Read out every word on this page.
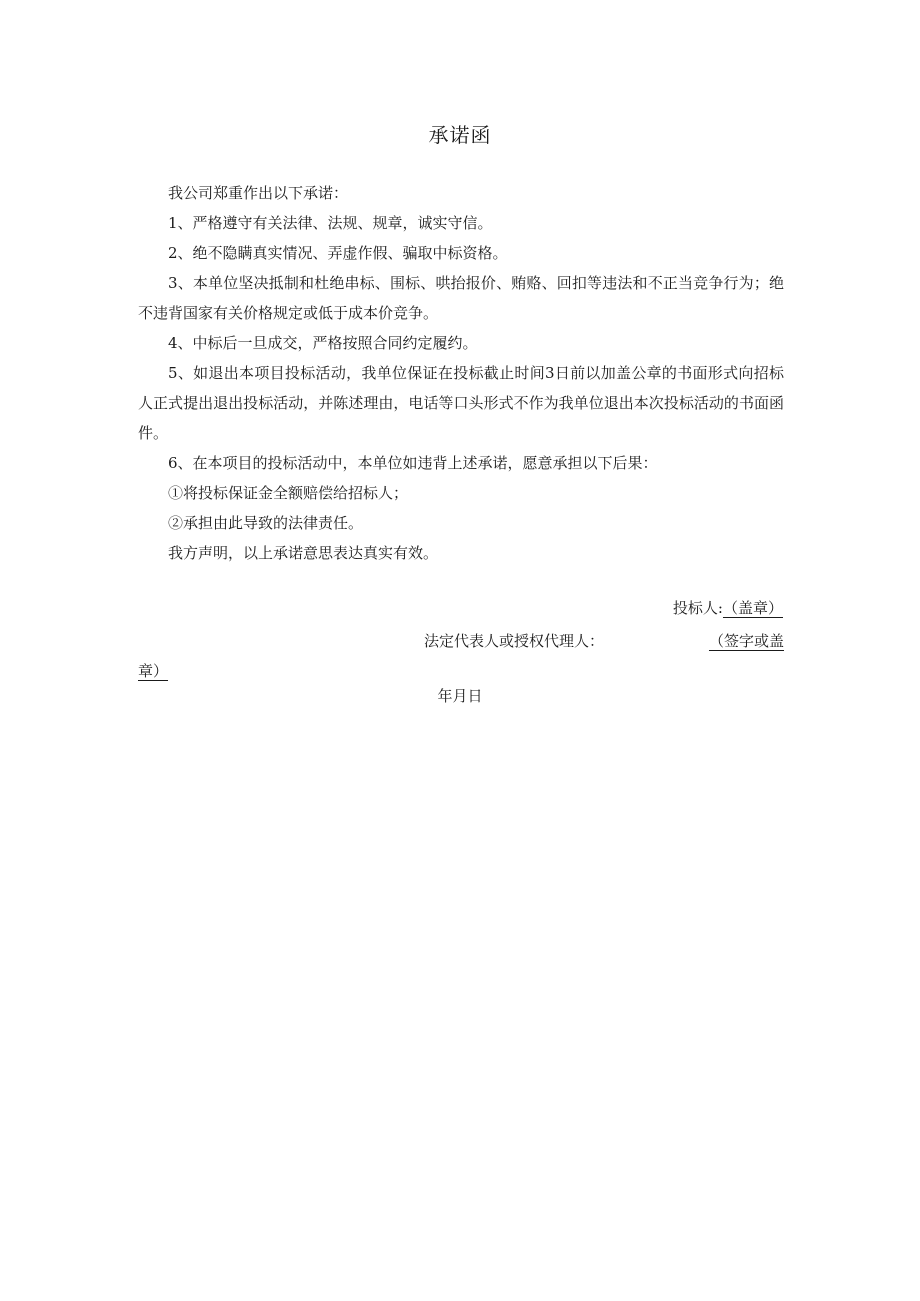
承诺函

我公司郑重作出以下承诺：

1、严格遵守有关法律、法规、规章，诚实守信。

2、绝不隐瞒真实情况、弄虚作假、骗取中标资格。

3、本单位坚决抵制和杜绝串标、围标、哄抬报价、贿赂、回扣等违法和不正当竞争行为；绝不违背国家有关价格规定或低于成本价竞争。

4、中标后一旦成交，严格按照合同约定履约。

5、如退出本项目投标活动，我单位保证在投标截止时间3日前以加盖公章的书面形式向招标人正式提出退出投标活动，并陈述理由，电话等口头形式不作为我单位退出本次投标活动的书面函件。

6、在本项目的投标活动中，本单位如违背上述承诺，愿意承担以下后果：

①将投标保证金全额赔偿给招标人；

②承担由此导致的法律责任。

我方声明，以上承诺意思表达真实有效。

投标人:（盖章）
法定代表人或授权代理人：	（签字或盖
章）
年月日
